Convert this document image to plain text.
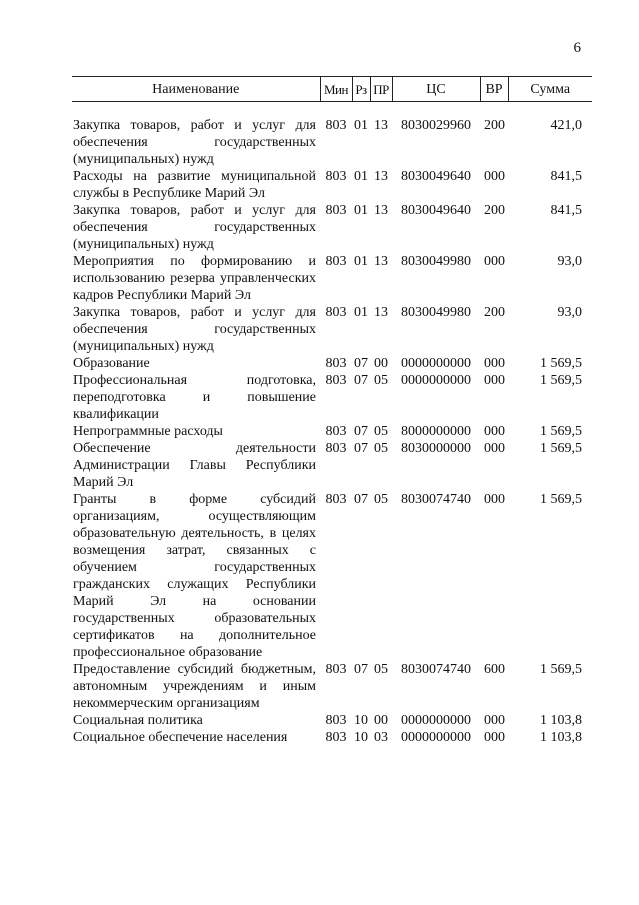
6
Наименование	Мин	Рз	ПР	ЦС	ВР	Сумма

Закупка товаров, работ и услуг для обеспечения государственных (муниципальных) нужд	803	01	13	8030029960	200	421,0
Расходы на развитие муниципальной службы в Республике Марий Эл	803	01	13	8030049640	000	841,5
Закупка товаров, работ и услуг для обеспечения государственных (муниципальных) нужд	803	01	13	8030049640	200	841,5
Мероприятия по формированию и использованию резерва управленческих кадров Республики Марий Эл	803	01	13	8030049980	000	93,0
Закупка товаров, работ и услуг для обеспечения государственных (муниципальных) нужд	803	01	13	8030049980	200	93,0
Образование	803	07	00	0000000000	000	1 569,5
Профессиональная подготовка, переподготовка и повышение квалификации	803	07	05	0000000000	000	1 569,5
Непрограммные расходы	803	07	05	8000000000	000	1 569,5
Обеспечение деятельности Администрации Главы Республики Марий Эл	803	07	05	8030000000	000	1 569,5
Гранты в форме субсидий организациям, осуществляющим образовательную деятельность, в целях возмещения затрат, связанных с обучением государственных гражданских служащих Республики Марий Эл на основании государственных образовательных сертификатов на дополнительное профессиональное образование	803	07	05	8030074740	000	1 569,5
Предоставление субсидий бюджетным, автономным учреждениям и иным некоммерческим организациям	803	07	05	8030074740	600	1 569,5
Социальная политика	803	10	00	0000000000	000	1 103,8
Социальное обеспечение населения	803	10	03	0000000000	000	1 103,8
